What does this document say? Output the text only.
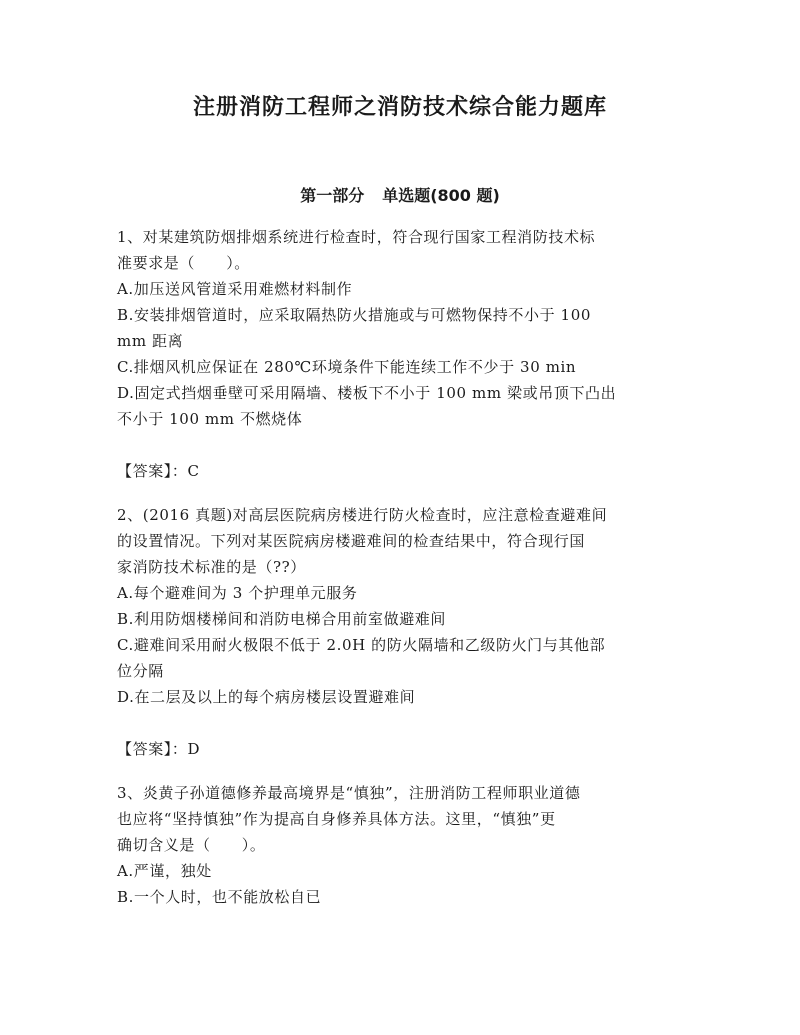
注册消防工程师之消防技术综合能力题库
第一部分 单选题(800 题)
1、对某建筑防烟排烟系统进行检查时，符合现行国家工程消防技术标
准要求是（　　）。
A.加压送风管道采用难燃材料制作
B.安装排烟管道时，应采取隔热防火措施或与可燃物保持不小于 100
mm 距离
C.排烟风机应保证在 280℃环境条件下能连续工作不少于 30 min
D.固定式挡烟垂壁可采用隔墙、楼板下不小于 100 mm 梁或吊顶下凸出
不小于 100 mm 不燃烧体
【答案】：C
2、(2016 真题)对高层医院病房楼进行防火检查时，应注意检查避难间
的设置情况。下列对某医院病房楼避难间的检查结果中，符合现行国
家消防技术标准的是（??）
A.每个避难间为 3 个护理单元服务
B.利用防烟楼梯间和消防电梯合用前室做避难间
C.避难间采用耐火极限不低于 2.0H 的防火隔墙和乙级防火门与其他部
位分隔
D.在二层及以上的每个病房楼层设置避难间
【答案】：D
3、炎黄子孙道德修养最高境界是“慎独”，注册消防工程师职业道德
也应将“坚持慎独”作为提高自身修养具体方法。这里，“慎独”更
确切含义是（　　）。
A.严谨，独处
B.一个人时，也不能放松自已
